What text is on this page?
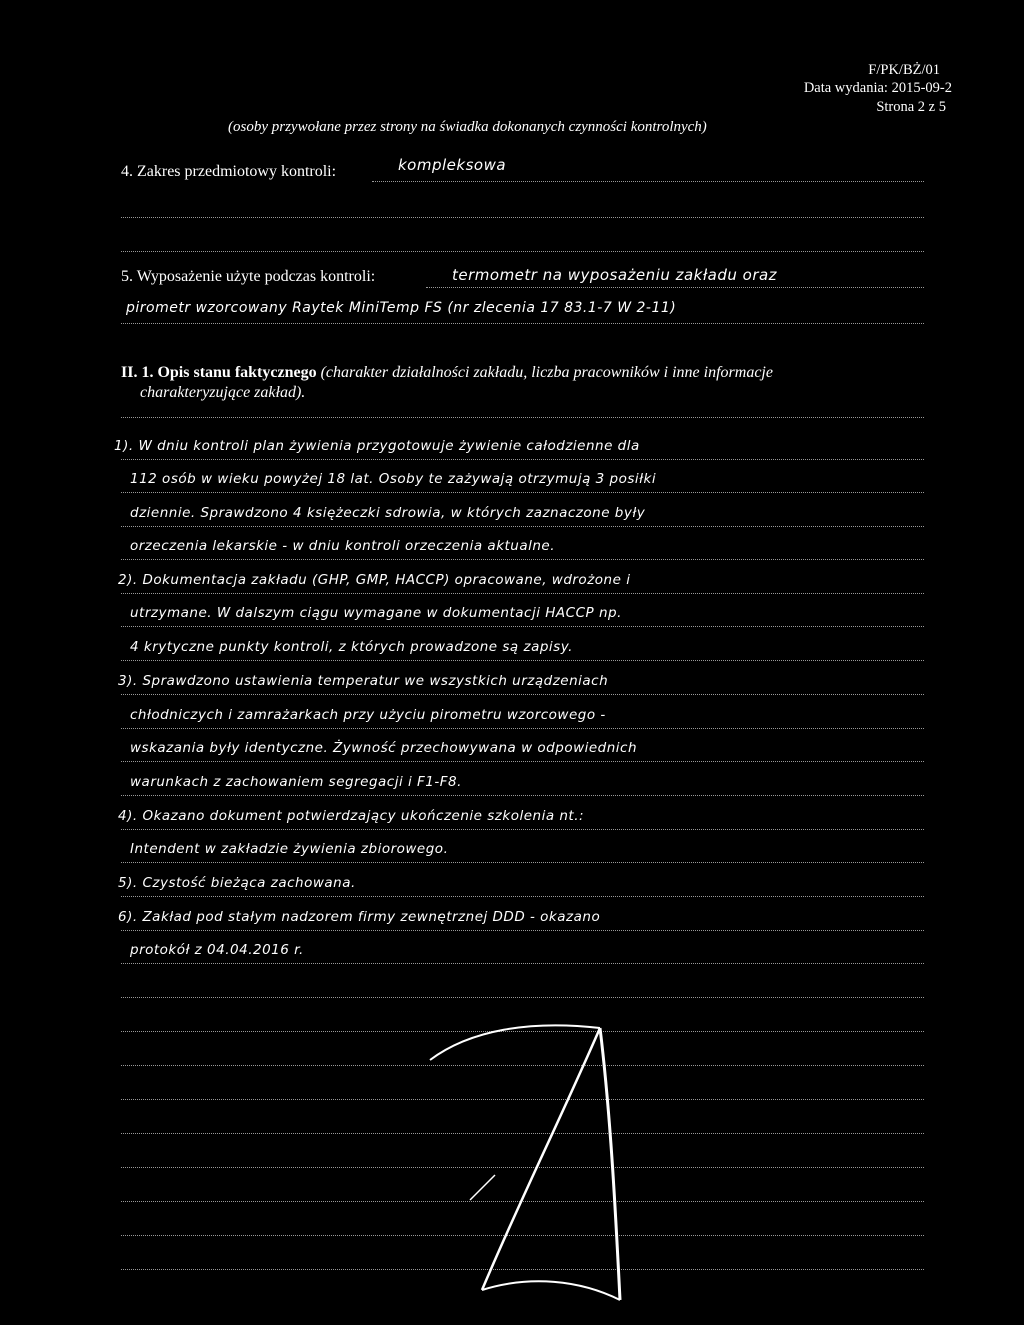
F/PK/BŻ/01
Data wydania: 2015-09-2
Strona 2 z 5
(osoby przywołane przez strony na świadka dokonanych czynności kontrolnych)
4. Zakres przedmiotowy kontroli:	kompleksowa
5. Wyposażenie użyte podczas kontroli:	termometr na wyposażeniu zakładu oraz
pirometr wzorcowany Raytek MiniTemp FS (nr zlecenia 17 83.1-7 W 2-11)
II. 1. Opis stanu faktycznego (charakter działalności zakładu, liczba pracowników i inne informacje
charakteryzujące zakład).
1). W dniu kontroli plan żywienia przygotowuje żywienie całodzienne dla
112 osób w wieku powyżej 18 lat. Osoby te zażywają otrzymują 3 posiłki
dziennie. Sprawdzono 4 księżeczki sdrowia, w których zaznaczone były
orzeczenia lekarskie - w dniu kontroli orzeczenia aktualne.
2). Dokumentacja zakładu (GHP, GMP, HACCP) opracowane, wdrożone i
utrzymane. W dalszym ciągu wymagane w dokumentacji HACCP np.
4 krytyczne punkty kontroli, z których prowadzone są zapisy.
3). Sprawdzono ustawienia temperatur we wszystkich urządzeniach
chłodniczych i zamrażarkach przy użyciu pirometru wzorcowego -
wskazania były identyczne. Żywność przechowywana w odpowiednich
warunkach z zachowaniem segregacji i F1-F8.
4). Okazano dokument potwierdzający ukończenie szkolenia nt.:
Intendent w zakładzie żywienia zbiorowego.
5). Czystość bieżąca zachowana.
6). Zakład pod stałym nadzorem firmy zewnętrznej DDD - okazano
protokół z 04.04.2016 r.
